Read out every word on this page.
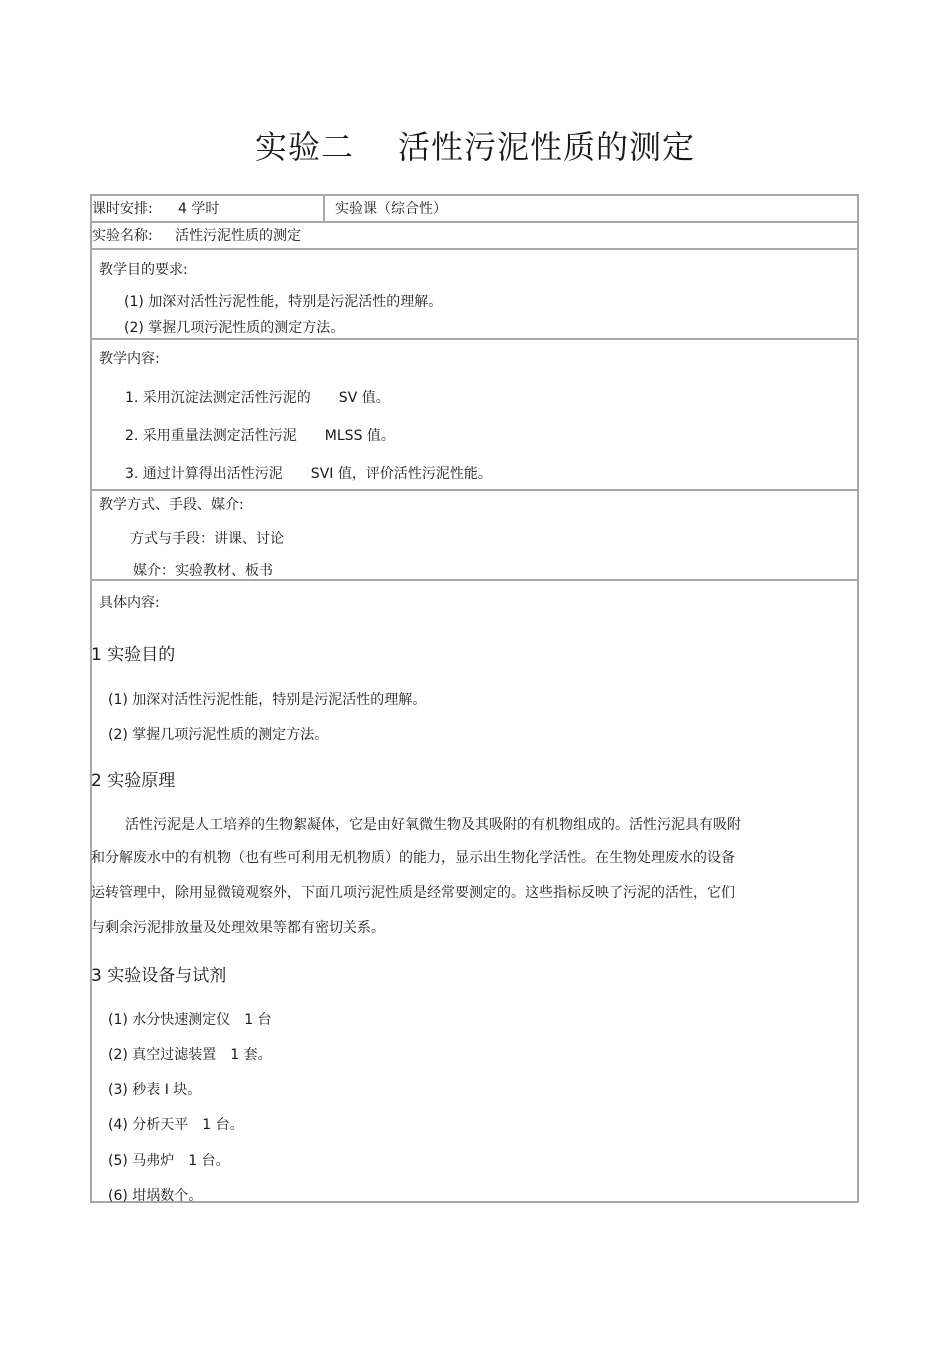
实验二 活性污泥性质的测定
课时安排: 4 学时	实验课（综合性）
实验名称: 活性污泥性质的测定
教学目的要求:
(1) 加深对活性污泥性能，特别是污泥活性的理解。
(2) 掌握几项污泥性质的测定方法。
教学内容:
1. 采用沉淀法测定活性污泥的　　SV 值。
2. 采用重量法测定活性污泥　　MLSS 值。
3. 通过计算得出活性污泥　　SVI 值，评价活性污泥性能。
教学方式、手段、媒介:
方式与手段：讲课、讨论
媒介：实验教材、板书
具体内容:
1 实验目的
(1) 加深对活性污泥性能，特别是污泥活性的理解。
(2) 掌握几项污泥性质的测定方法。
2 实验原理
活性污泥是人工培养的生物絮凝体，它是由好氧微生物及其吸附的有机物组成的。活性污泥具有吸附
和分解废水中的有机物（也有些可利用无机物质）的能力，显示出生物化学活性。在生物处理废水的设备
运转管理中，除用显微镜观察外，下面几项污泥性质是经常要测定的。这些指标反映了污泥的活性，它们
与剩余污泥排放量及处理效果等都有密切关系。
3 实验设备与试剂
(1) 水分快速测定仪　1 台
(2) 真空过滤装置　1 套。
(3) 秒表 I 块。
(4) 分析天平　1 台。
(5) 马弗炉　1 台。
(6) 坩埚数个。
